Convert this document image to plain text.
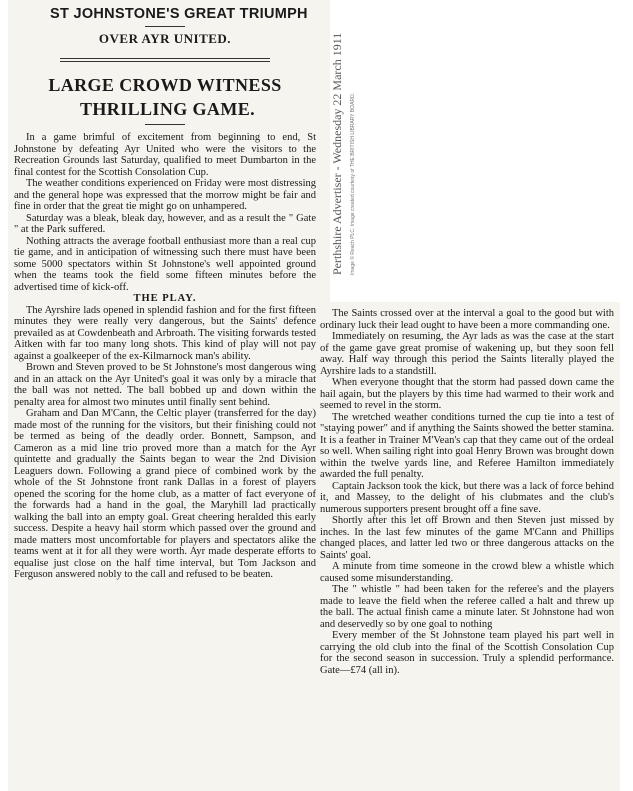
ST JOHNSTONE'S GREAT TRIUMPH
OVER AYR UNITED.
LARGE CROWD WITNESS
THRILLING GAME.

In a game brimful of excitement from beginning to end, St Johnstone by defeating Ayr United who were the visitors to the Recreation Grounds last Saturday, qualified to meet Dumbarton in the final contest for the Scottish Consolation Cup.

The weather conditions experienced on Friday were most distressing and the general hope was expressed that the morrow might be fair and fine in order that the great tie might go on unhampered.

Saturday was a bleak, bleak day, however, and as a result the " Gate " at the Park suffered.

Nothing attracts the average football enthusiast more than a real cup tie game, and in anticipation of witnessing such there must have been some 5000 spectators within St Johnstone's well appointed ground when the teams took the field some fifteen minutes before the advertised time of kick-off.

THE PLAY.

The Ayrshire lads opened in splendid fashion and for the first fifteen minutes they were really very dangerous, but the Saints' defence prevailed as at Cowdenbeath and Arbroath. The visiting forwards tested Aitken with far too many long shots. This kind of play will not pay against a goalkeeper of the ex-Kilmarnock man's ability.

Brown and Steven proved to be St Johnstone's most dangerous wing and in an attack on the Ayr United's goal it was only by a miracle that the ball was not netted. The ball bobbed up and down within the penalty area for almost two minutes until finally sent behind.

Graham and Dan M'Cann, the Celtic player (transferred for the day) made most of the running for the visitors, but their finishing could not be termed as being of the deadly order. Bonnett, Sampson, and Cameron as a mid line trio proved more than a match for the Ayr quintette and gradually the Saints began to wear the 2nd Division Leaguers down. Following a grand piece of combined work by the whole of the St Johnstone front rank Dallas in a forest of players opened the scoring for the home club, as a matter of fact everyone of the forwards had a hand in the goal, the Maryhill lad practically walking the ball into an empty goal. Great cheering heralded this early success. Despite a heavy hail storm which passed over the ground and made matters most uncomfortable for players and spectators alike the teams went at it for all they were worth. Ayr made desperate efforts to equalise just close on the half time interval, but Tom Jackson and Ferguson answered nobly to the call and refused to be beaten.

Perthshire Advertiser - Wednesday 22 March 1911 Image © Reach PLC. Image created courtesy of THE BRITISH LIBRARY BOARD.

The Saints crossed over at the interval a goal to the good but with ordinary luck their lead ought to have been a more commanding one.

Immediately on resuming, the Ayr lads as was the case at the start of the game gave great promise of wakening up, but they soon fell away. Half way through this period the Saints literally played the Ayrshire lads to a standstill.

When everyone thought that the storm had passed down came the hail again, but the players by this time had warmed to their work and seemed to revel in the storm.

The wretched weather conditions turned the cup tie into a test of "staying power" and if anything the Saints showed the better stamina. It is a feather in Trainer M'Vean's cap that they came out of the ordeal so well. When sailing right into goal Henry Brown was brought down within the twelve yards line, and Referee Hamilton immediately awarded the full penalty.

Captain Jackson took the kick, but there was a lack of force behind it, and Massey, to the delight of his clubmates and the club's numerous supporters present brought off a fine save.

Shortly after this let off Brown and then Steven just missed by inches. In the last few minutes of the game M'Cann and Phillips changed places, and latter led two or three dangerous attacks on the Saints' goal.

A minute from time someone in the crowd blew a whistle which caused some misunderstanding.

The " whistle " had been taken for the referee's and the players made to leave the field when the referee called a halt and threw up the ball. The actual finish came a minute later. St Johnstone had won and deservedly so by one goal to nothing

Every member of the St Johnstone team played his part well in carrying the old club into the final of the Scottish Consolation Cup for the second season in succession. Truly a splendid performance. Gate—£74 (all in).
